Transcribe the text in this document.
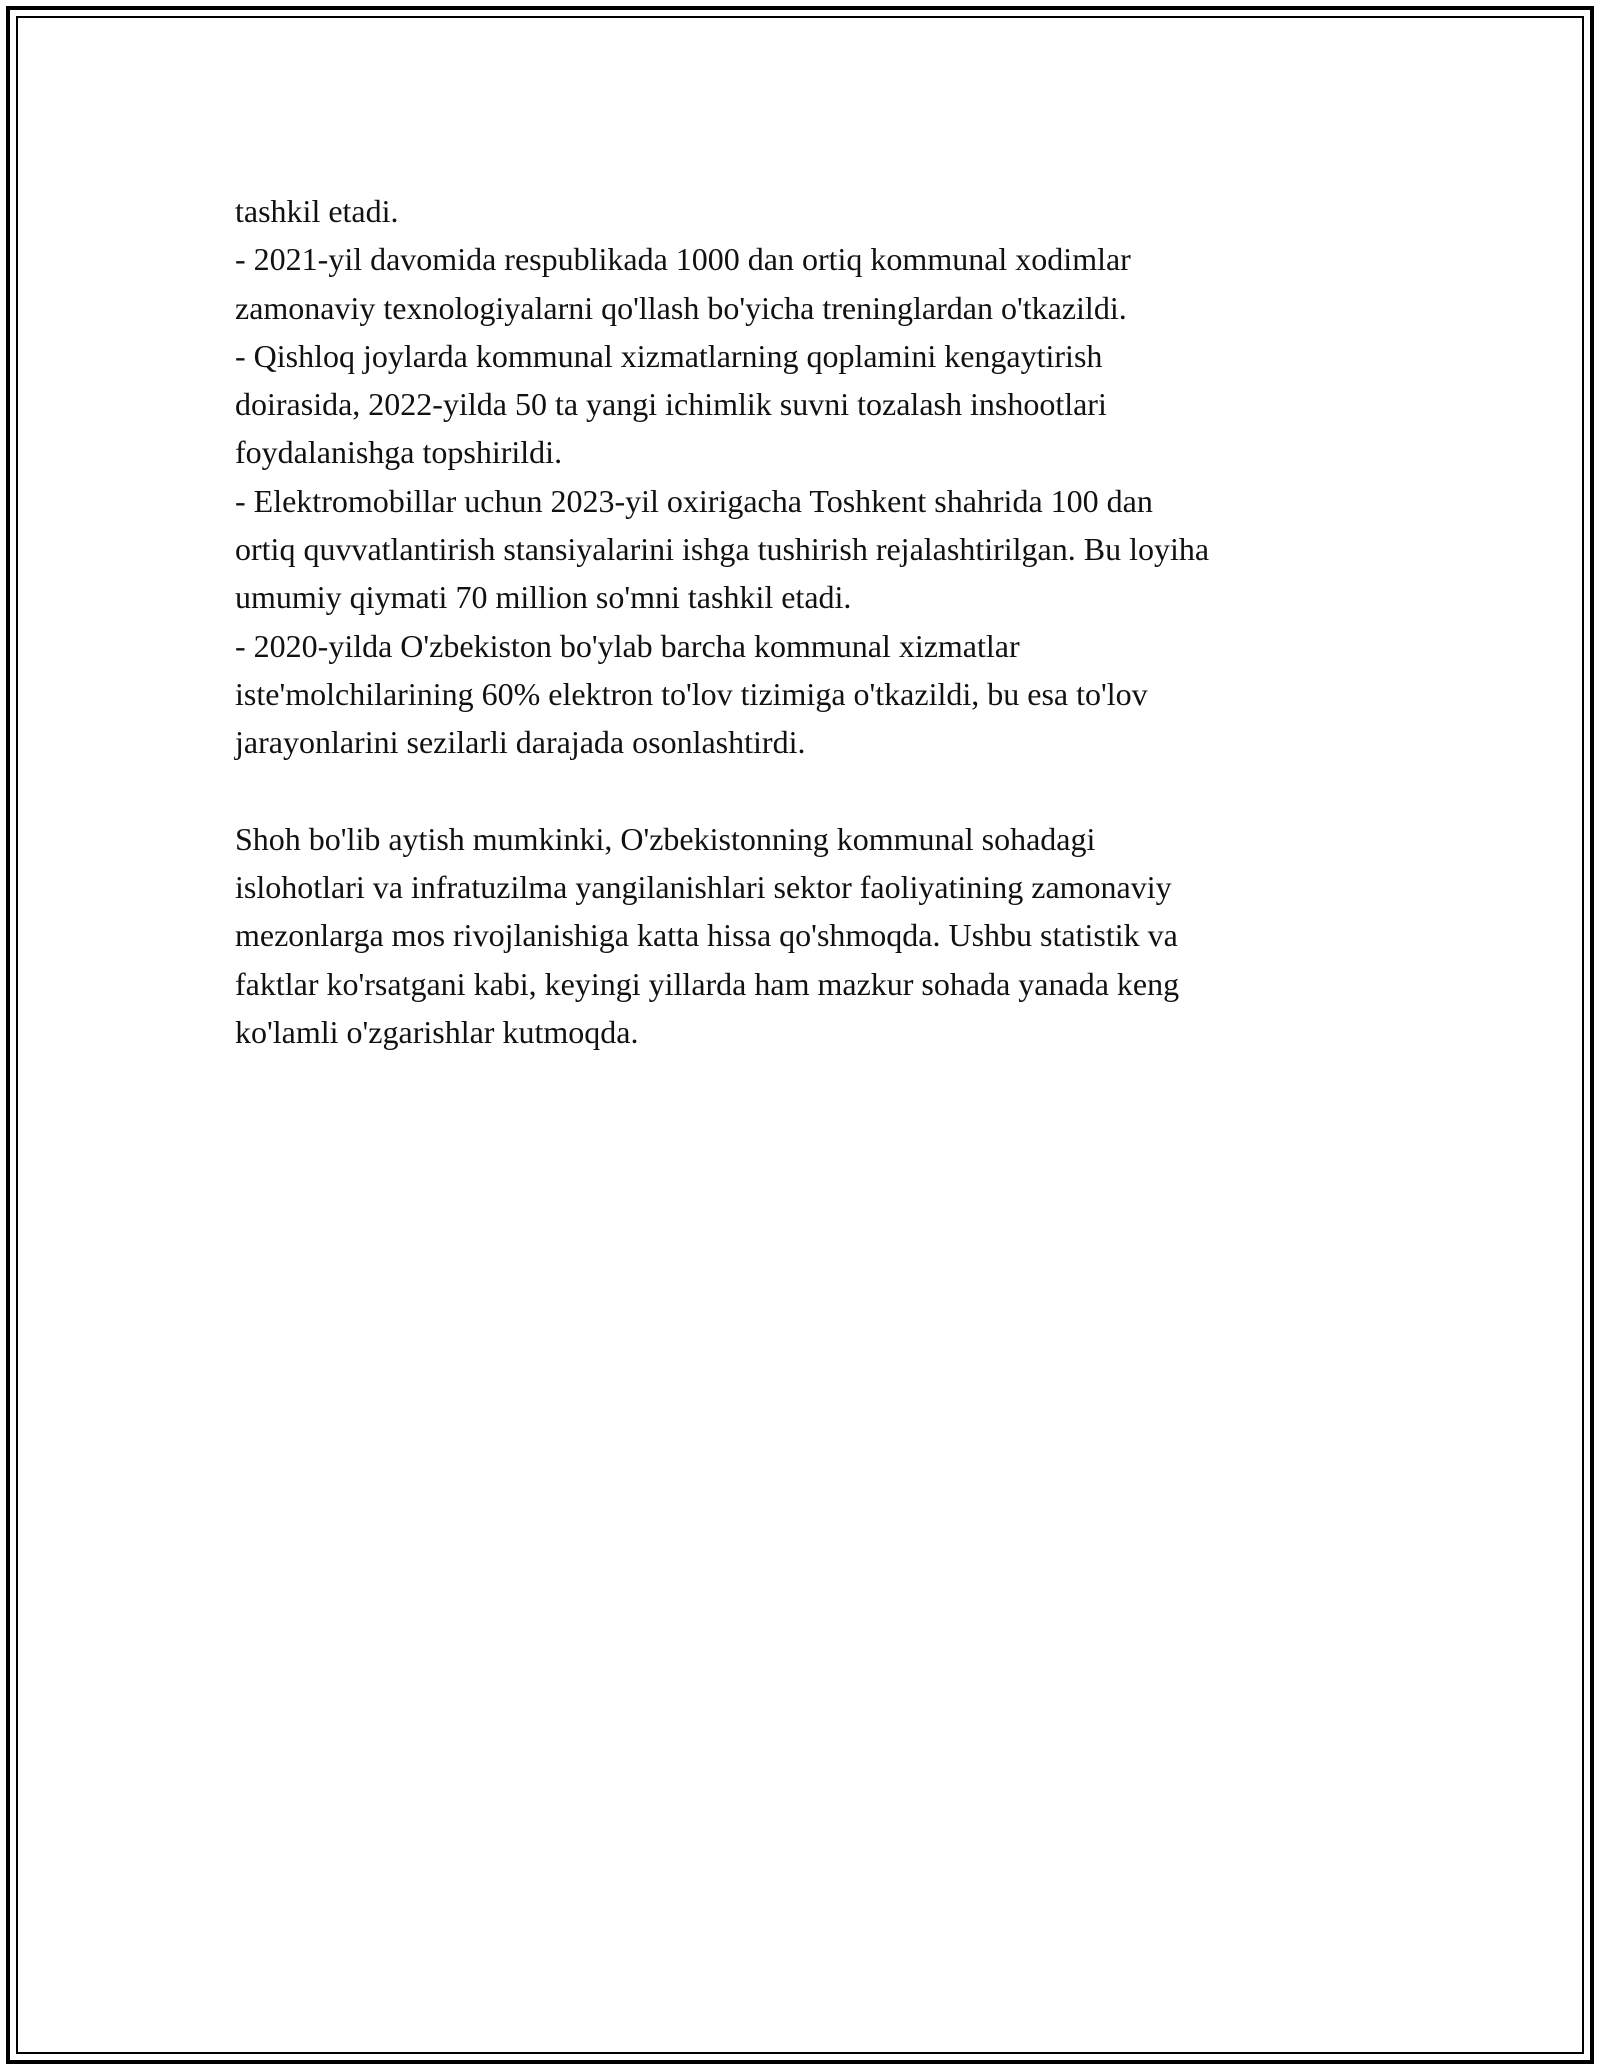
tashkil etadi.
- 2021-yil davomida respublikada 1000 dan ortiq kommunal xodimlar
zamonaviy texnologiyalarni qo'llash bo'yicha treninglardan o'tkazildi.
- Qishloq joylarda kommunal xizmatlarning qoplamini kengaytirish
doirasida, 2022-yilda 50 ta yangi ichimlik suvni tozalash inshootlari
foydalanishga topshirildi.
- Elektromobillar uchun 2023-yil oxirigacha Toshkent shahrida 100 dan
ortiq quvvatlantirish stansiyalarini ishga tushirish rejalashtirilgan. Bu loyiha
umumiy qiymati 70 million so'mni tashkil etadi.
- 2020-yilda O'zbekiston bo'ylab barcha kommunal xizmatlar
iste'molchilarining 60% elektron to'lov tizimiga o'tkazildi, bu esa to'lov
jarayonlarini sezilarli darajada osonlashtirdi.
Shoh bo'lib aytish mumkinki, O'zbekistonning kommunal sohadagi
islohotlari va infratuzilma yangilanishlari sektor faoliyatining zamonaviy
mezonlarga mos rivojlanishiga katta hissa qo'shmoqda. Ushbu statistik va
faktlar ko'rsatgani kabi, keyingi yillarda ham mazkur sohada yanada keng
ko'lamli o'zgarishlar kutmoqda.
